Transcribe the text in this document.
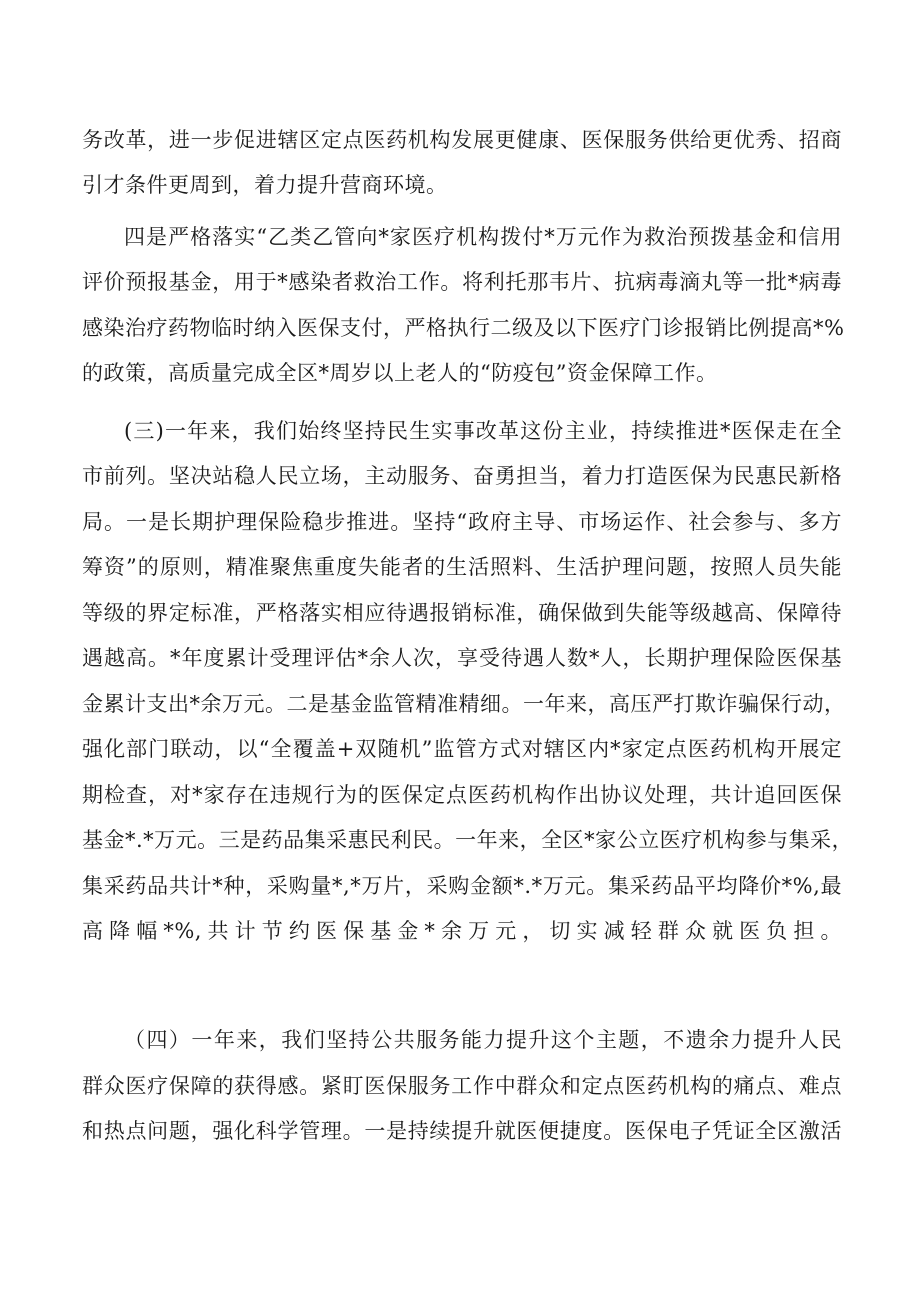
务改革，进一步促进辖区定点医药机构发展更健康、医保服务供给更优秀、招商
引才条件更周到，着力提升营商环境。
四是严格落实“乙类乙管向*家医疗机构拨付*万元作为救治预拨基金和信用
评价预报基金，用于*感染者救治工作。将利托那韦片、抗病毒滴丸等一批*病毒
感染治疗药物临时纳入医保支付，严格执行二级及以下医疗门诊报销比例提高*%
的政策，高质量完成全区*周岁以上老人的“防疫包”资金保障工作。
(三)一年来，我们始终坚持民生实事改革这份主业，持续推进*医保走在全
市前列。坚决站稳人民立场，主动服务、奋勇担当，着力打造医保为民惠民新格
局。一是长期护理保险稳步推进。坚持“政府主导、市场运作、社会参与、多方
筹资”的原则，精准聚焦重度失能者的生活照料、生活护理问题，按照人员失能
等级的界定标准，严格落实相应待遇报销标准，确保做到失能等级越高、保障待
遇越高。*年度累计受理评估*余人次，享受待遇人数*人，长期护理保险医保基
金累计支出*余万元。二是基金监管精准精细。一年来，高压严打欺诈骗保行动，
强化部门联动，以“全覆盖+双随机”监管方式对辖区内*家定点医药机构开展定
期检查，对*家存在违规行为的医保定点医药机构作出协议处理，共计追回医保
基金*.*万元。三是药品集采惠民利民。一年来，全区*家公立医疗机构参与集采，
集采药品共计*种，采购量*,*万片，采购金额*.*万元。集采药品平均降价*%,最
高降幅*%,共计节约医保基金*余万元，切实减轻群众就医负担。
（四）一年来，我们坚持公共服务能力提升这个主题，不遗余力提升人民
群众医疗保障的获得感。紧盯医保服务工作中群众和定点医药机构的痛点、难点
和热点问题，强化科学管理。一是持续提升就医便捷度。医保电子凭证全区激活
